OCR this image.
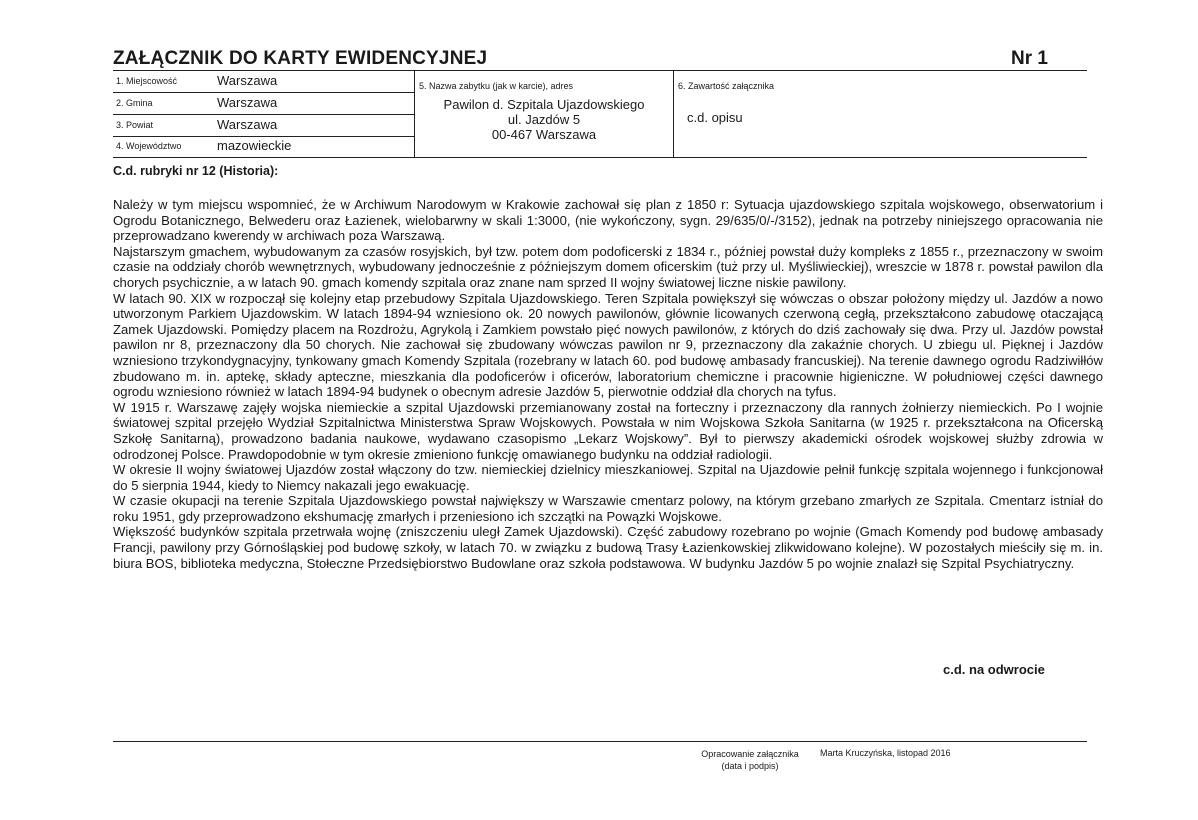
ZAŁĄCZNIK DO KARTY EWIDENCYJNEJ	Nr 1
1. Miejscowość	Warszawa
2. Gmina	Warszawa
3. Powiat	Warszawa
4. Województwo	mazowieckie
5. Nazwa zabytku (jak w karcie), adres
Pawilon d. Szpitala Ujazdowskiego
ul. Jazdów 5
00-467 Warszawa
6. Zawartość załącznika
c.d. opisu
C.d. rubryki nr 12 (Historia):

Należy w tym miejscu wspomnieć, że w Archiwum Narodowym w Krakowie zachował się plan z 1850 r: Sytuacja ujazdowskiego szpitala wojskowego, obserwatorium i Ogrodu Botanicznego, Belwederu oraz Łazienek, wielobarwny w skali 1:3000, (nie wykończony, sygn. 29/635/0/-/3152), jednak na potrzeby niniejszego opracowania nie przeprowadzano kwerendy w archiwach poza Warszawą.

Najstarszym gmachem, wybudowanym za czasów rosyjskich, był tzw. potem dom podoficerski z 1834 r., później powstał duży kompleks z 1855 r., przeznaczony w swoim czasie na oddziały chorób wewnętrznych, wybudowany jednocześnie z późniejszym domem oficerskim (tuż przy ul. Myśliwieckiej), wreszcie w 1878 r. powstał pawilon dla chorych psychicznie, a w latach 90. gmach komendy szpitala oraz znane nam sprzed II wojny światowej liczne niskie pawilony.

W latach 90. XIX w rozpoczął się kolejny etap przebudowy Szpitala Ujazdowskiego. Teren Szpitala powiększył się wówczas o obszar położony między ul. Jazdów a nowo utworzonym Parkiem Ujazdowskim. W latach 1894-94 wzniesiono ok. 20 nowych pawilonów, głównie licowanych czerwoną cegłą, przekształcono zabudowę otaczającą Zamek Ujazdowski. Pomiędzy placem na Rozdrożu, Agrykolą i Zamkiem powstało pięć nowych pawilonów, z których do dziś zachowały się dwa. Przy ul. Jazdów powstał pawilon nr 8, przeznaczony dla 50 chorych. Nie zachował się zbudowany wówczas pawilon nr 9, przeznaczony dla zakaźnie chorych. U zbiegu ul. Pięknej i Jazdów wzniesiono trzykondygnacyjny, tynkowany gmach Komendy Szpitala (rozebrany w latach 60. pod budowę ambasady francuskiej). Na terenie dawnego ogrodu Radziwiłłów zbudowano m. in. aptekę, składy apteczne, mieszkania dla podoficerów i oficerów, laboratorium chemiczne i pracownie higieniczne. W południowej części dawnego ogrodu wzniesiono również w latach 1894-94 budynek o obecnym adresie Jazdów 5, pierwotnie oddział dla chorych na tyfus.

W 1915 r. Warszawę zajęły wojska niemieckie a szpital Ujazdowski przemianowany został na forteczny i przeznaczony dla rannych żołnierzy niemieckich. Po I wojnie światowej szpital przejęło Wydział Szpitalnictwa Ministerstwa Spraw Wojskowych. Powstała w nim Wojskowa Szkoła Sanitarna (w 1925 r. przekształcona na Oficerską Szkołę Sanitarną), prowadzono badania naukowe, wydawano czasopismo „Lekarz Wojskowy”. Był to pierwszy akademicki ośrodek wojskowej służby zdrowia w odrodzonej Polsce. Prawdopodobnie w tym okresie zmieniono funkcję omawianego budynku na oddział radiologii.

W okresie II wojny światowej Ujazdów został włączony do tzw. niemieckiej dzielnicy mieszkaniowej. Szpital na Ujazdowie pełnił funkcję szpitala wojennego i funkcjonował do 5 sierpnia 1944, kiedy to Niemcy nakazali jego ewakuację.

W czasie okupacji na terenie Szpitala Ujazdowskiego powstał największy w Warszawie cmentarz polowy, na którym grzebano zmarłych ze Szpitala. Cmentarz istniał do roku 1951, gdy przeprowadzono ekshumację zmarłych i przeniesiono ich szczątki na Powązki Wojskowe.

Większość budynków szpitala przetrwała wojnę (zniszczeniu uległ Zamek Ujazdowski). Część zabudowy rozebrano po wojnie (Gmach Komendy pod budowę ambasady Francji, pawilony przy Górnośląskiej pod budowę szkoły, w latach 70. w związku z budową Trasy Łazienkowskiej zlikwidowano kolejne). W pozostałych mieściły się m. in. biura BOS, biblioteka medyczna, Stołeczne Przedsiębiorstwo Budowlane oraz szkoła podstawowa. W budynku Jazdów 5 po wojnie znalazł się Szpital Psychiatryczny.

c.d. na odwrocie
Opracowanie załącznika
(data i podpis)
Marta Kruczyńska, listopad 2016
